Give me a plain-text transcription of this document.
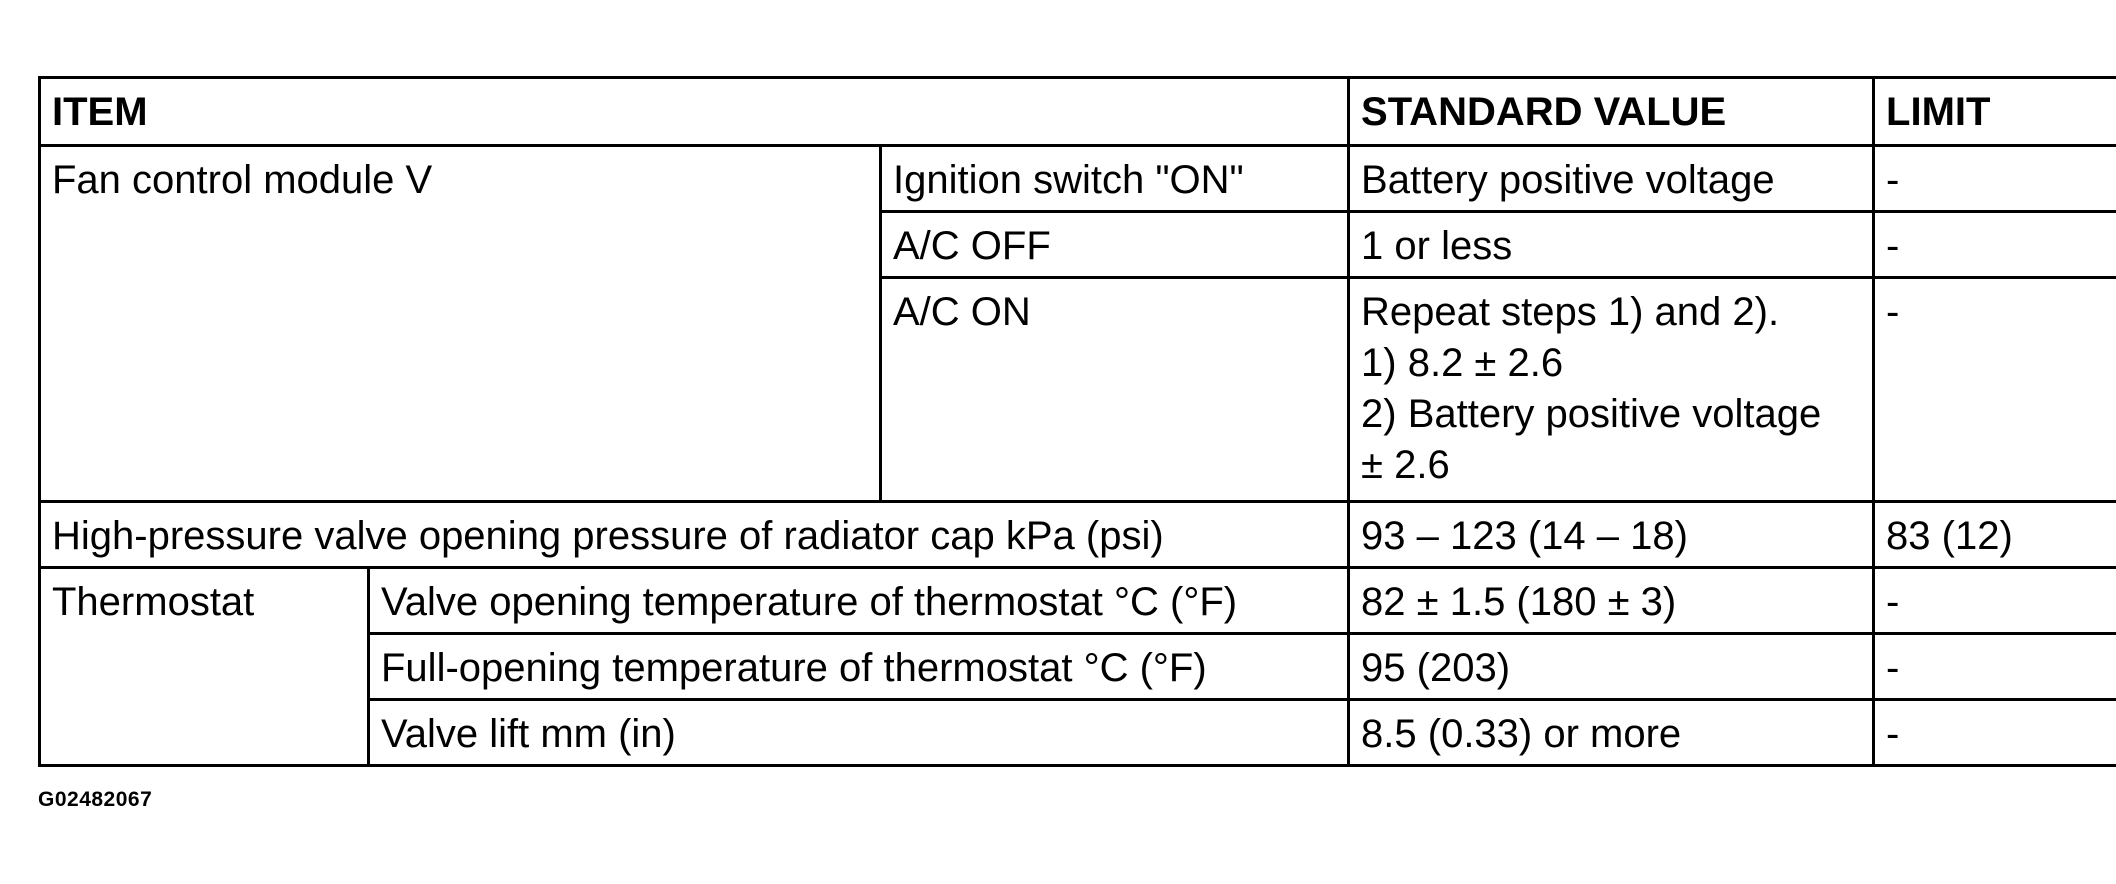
ITEM			STANDARD VALUE	LIMIT
Fan control module V		Ignition switch "ON"	Battery positive voltage	-
		A/C OFF	1 or less	-
		A/C ON	Repeat steps 1) and 2).
1) 8.2 ± 2.6
2) Battery positive voltage
± 2.6	-
High-pressure valve opening pressure of radiator cap kPa (psi)			93 – 123 (14 – 18)	83 (12)
Thermostat	Valve opening temperature of thermostat °C (°F)		82 ± 1.5 (180 ± 3)	-
	Full-opening temperature of thermostat °C (°F)		95 (203)	-
	Valve lift mm (in)		8.5 (0.33) or more	-
G02482067
